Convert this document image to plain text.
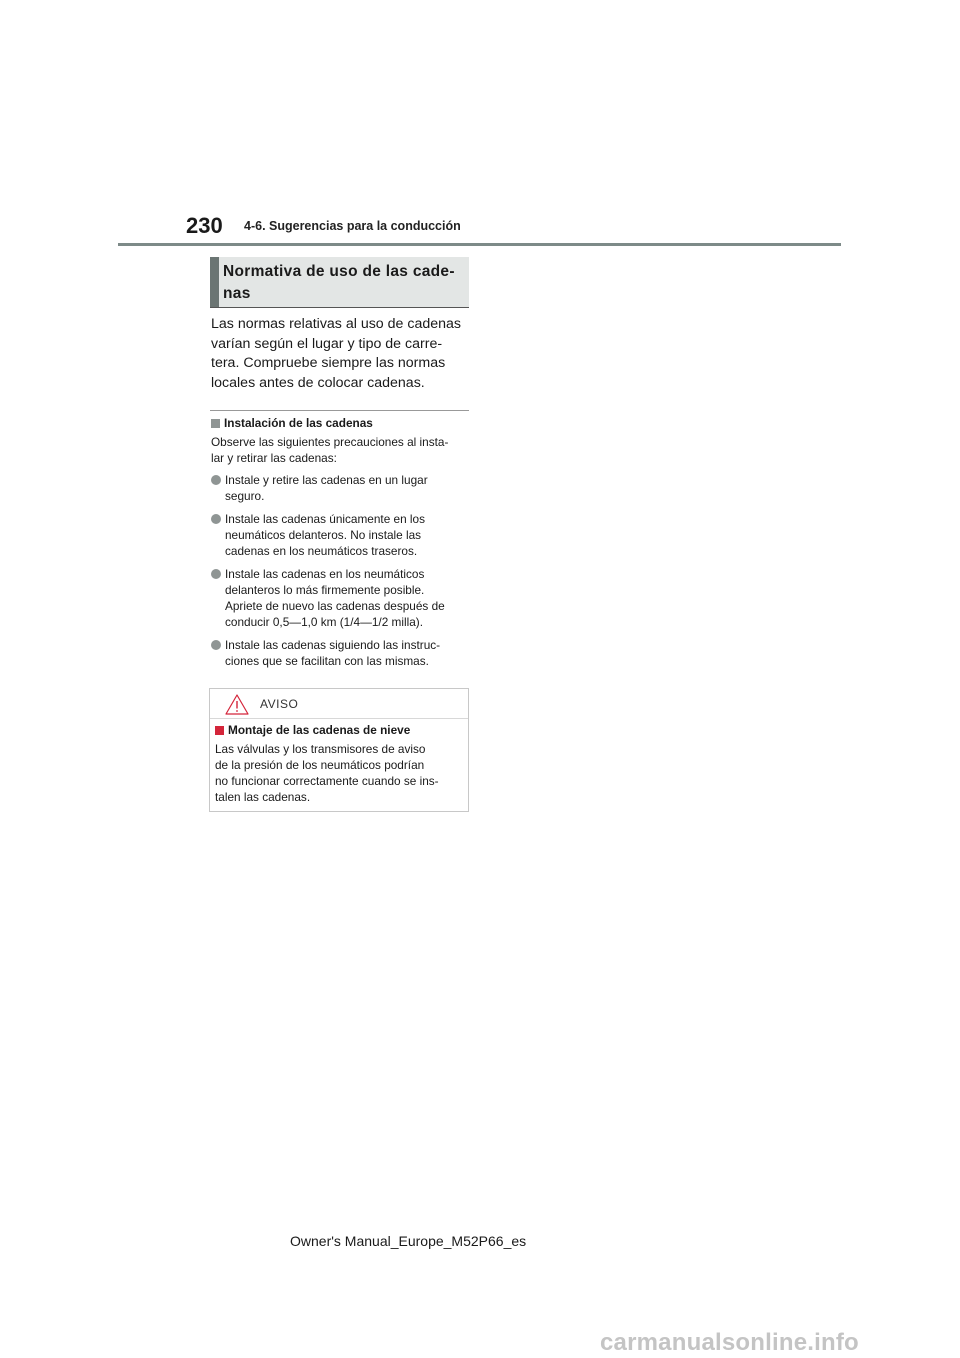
230 4-6. Sugerencias para la conducción
Normativa de uso de las cade-
nas
Las normas relativas al uso de cadenas
varían según el lugar y tipo de carre-
tera. Compruebe siempre las normas
locales antes de colocar cadenas.
Instalación de las cadenas
Observe las siguientes precauciones al insta-
lar y retirar las cadenas:
Instale y retire las cadenas en un lugar
seguro.
Instale las cadenas únicamente en los
neumáticos delanteros. No instale las
cadenas en los neumáticos traseros.
Instale las cadenas en los neumáticos
delanteros lo más firmemente posible.
Apriete de nuevo las cadenas después de
conducir 0,5—1,0 km (1/4—1/2 milla).
Instale las cadenas siguiendo las instruc-
ciones que se facilitan con las mismas.
AVISO
Montaje de las cadenas de nieve
Las válvulas y los transmisores de aviso
de la presión de los neumáticos podrían
no funcionar correctamente cuando se ins-
talen las cadenas.
Owner's Manual_Europe_M52P66_es
carmanualsonline.info
